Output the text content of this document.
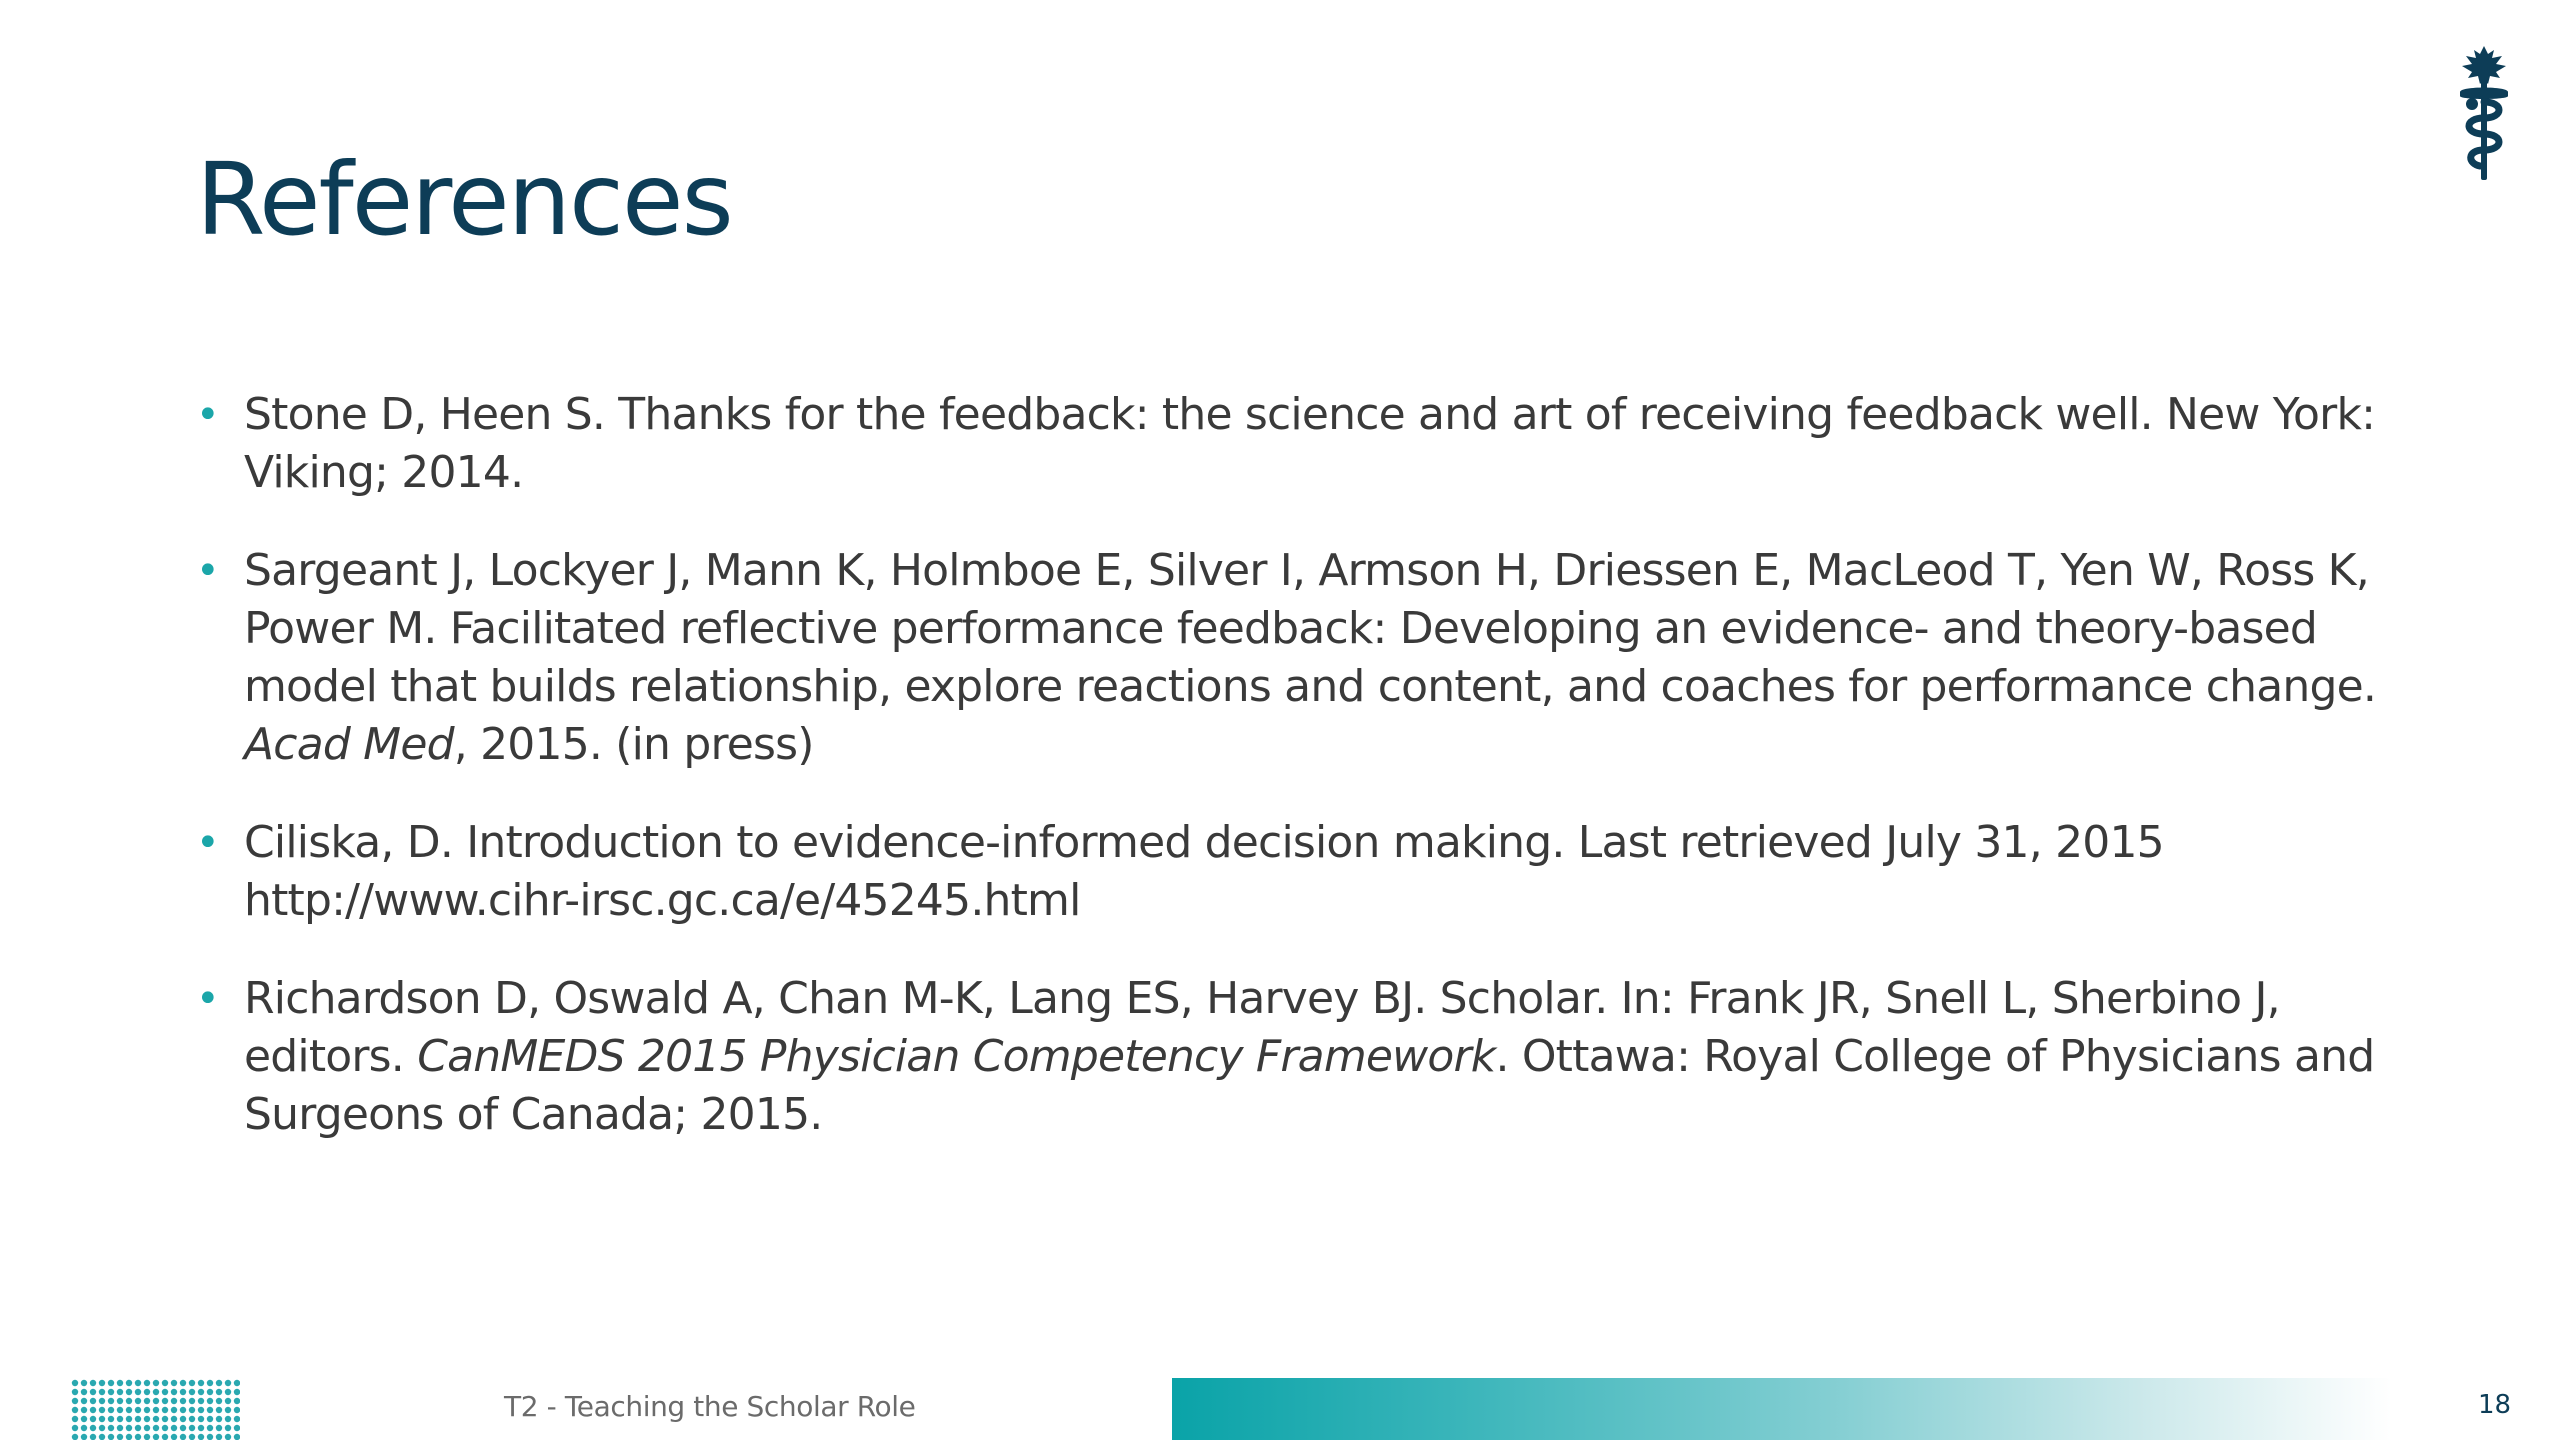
References
• Stone D, Heen S. Thanks for the feedback: the science and art of receiving feedback well. New York: Viking; 2014.
• Sargeant J, Lockyer J, Mann K, Holmboe E, Silver I, Armson H, Driessen E, MacLeod T, Yen W, Ross K, Power M. Facilitated reflective performance feedback: Developing an evidence- and theory-based model that builds relationship, explore reactions and content, and coaches for performance change. Acad Med, 2015. (in press)
• Ciliska, D. Introduction to evidence-informed decision making. Last retrieved July 31, 2015 http://www.cihr-irsc.gc.ca/e/45245.html
• Richardson D, Oswald A, Chan M-K, Lang ES, Harvey BJ. Scholar. In: Frank JR, Snell L, Sherbino J, editors. CanMEDS 2015 Physician Competency Framework. Ottawa: Royal College of Physicians and Surgeons of Canada; 2015.
T2 - Teaching the Scholar Role	18
